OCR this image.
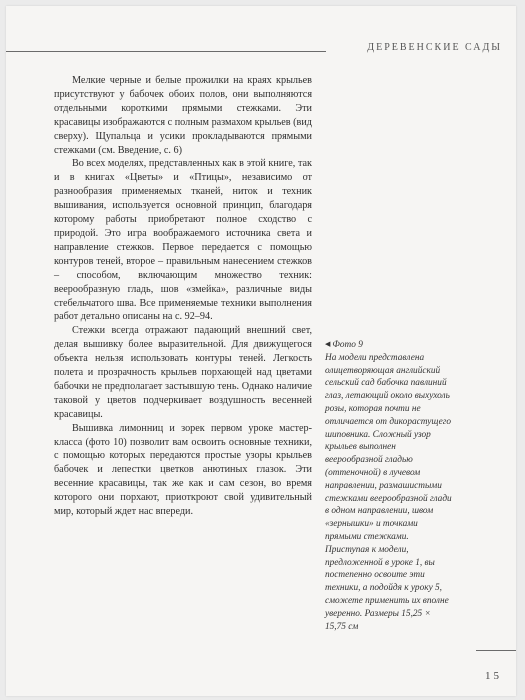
ДЕРЕВЕНСКИЕ САДЫ

Мелкие черные и белые прожилки на краях крыльев присутствуют у бабочек обоих полов, они выполняются отдельными короткими прямыми стежками. Эти красавицы изображаются с полным размахом крыльев (вид сверху). Щупальца и усики прокладываются прямыми стежками (см. Введение, с. 6)

Во всех моделях, представленных как в этой книге, так и в книгах «Цветы» и «Птицы», независимо от разнообразия применяемых тканей, ниток и техник вышивания, используется основной принцип, благодаря которому работы приобретают полное сходство с природой. Это игра воображаемого источника света и направление стежков. Первое передается с помощью контуров теней, второе – правильным нанесением стежков – способом, включающим множество техник: веерообразную гладь, шов «змейка», различные виды стебельчатого шва. Все применяемые техники выполнения работ детально описаны на с. 92–94.

Стежки всегда отражают падающий внешний свет, делая вышивку более выразительной. Для движущегося объекта нельзя использовать контуры теней. Легкость полета и прозрачность крыльев порхающей над цветами бабочки не предполагает застывшую тень. Однако наличие таковой у цветов подчеркивает воздушность весенней красавицы.

Вышивка лимонниц и зорек первом уроке мастер-класса (фото 10) позволит вам освоить основные техники, с помощью которых передаются простые узоры крыльев бабочек и лепестки цветков анютиных глазок. Эти весенние красавицы, так же как и сам сезон, во время которого они порхают, приоткроют свой удивительный мир, который ждет нас впереди.

◀ Фото 9
На модели представлена олицетворяющая английский сельский сад бабочка павлиний глаз, летающий около выхухоль розы, которая почти не отличается от дикорастущего шиповника. Сложный узор крыльев выполнен веерообразной гладью (оттеночной) в лучевом направлении, размашистыми стежками веерообразной глади в одном направлении, швом «зернышки» и точками прямыми стежками. Приступая к модели, предложенной в уроке 1, вы постепенно освоите эти техники, а подойдя к уроку 5, сможете применить их вполне уверенно. Размеры 15,25 × 15,75 см
15
